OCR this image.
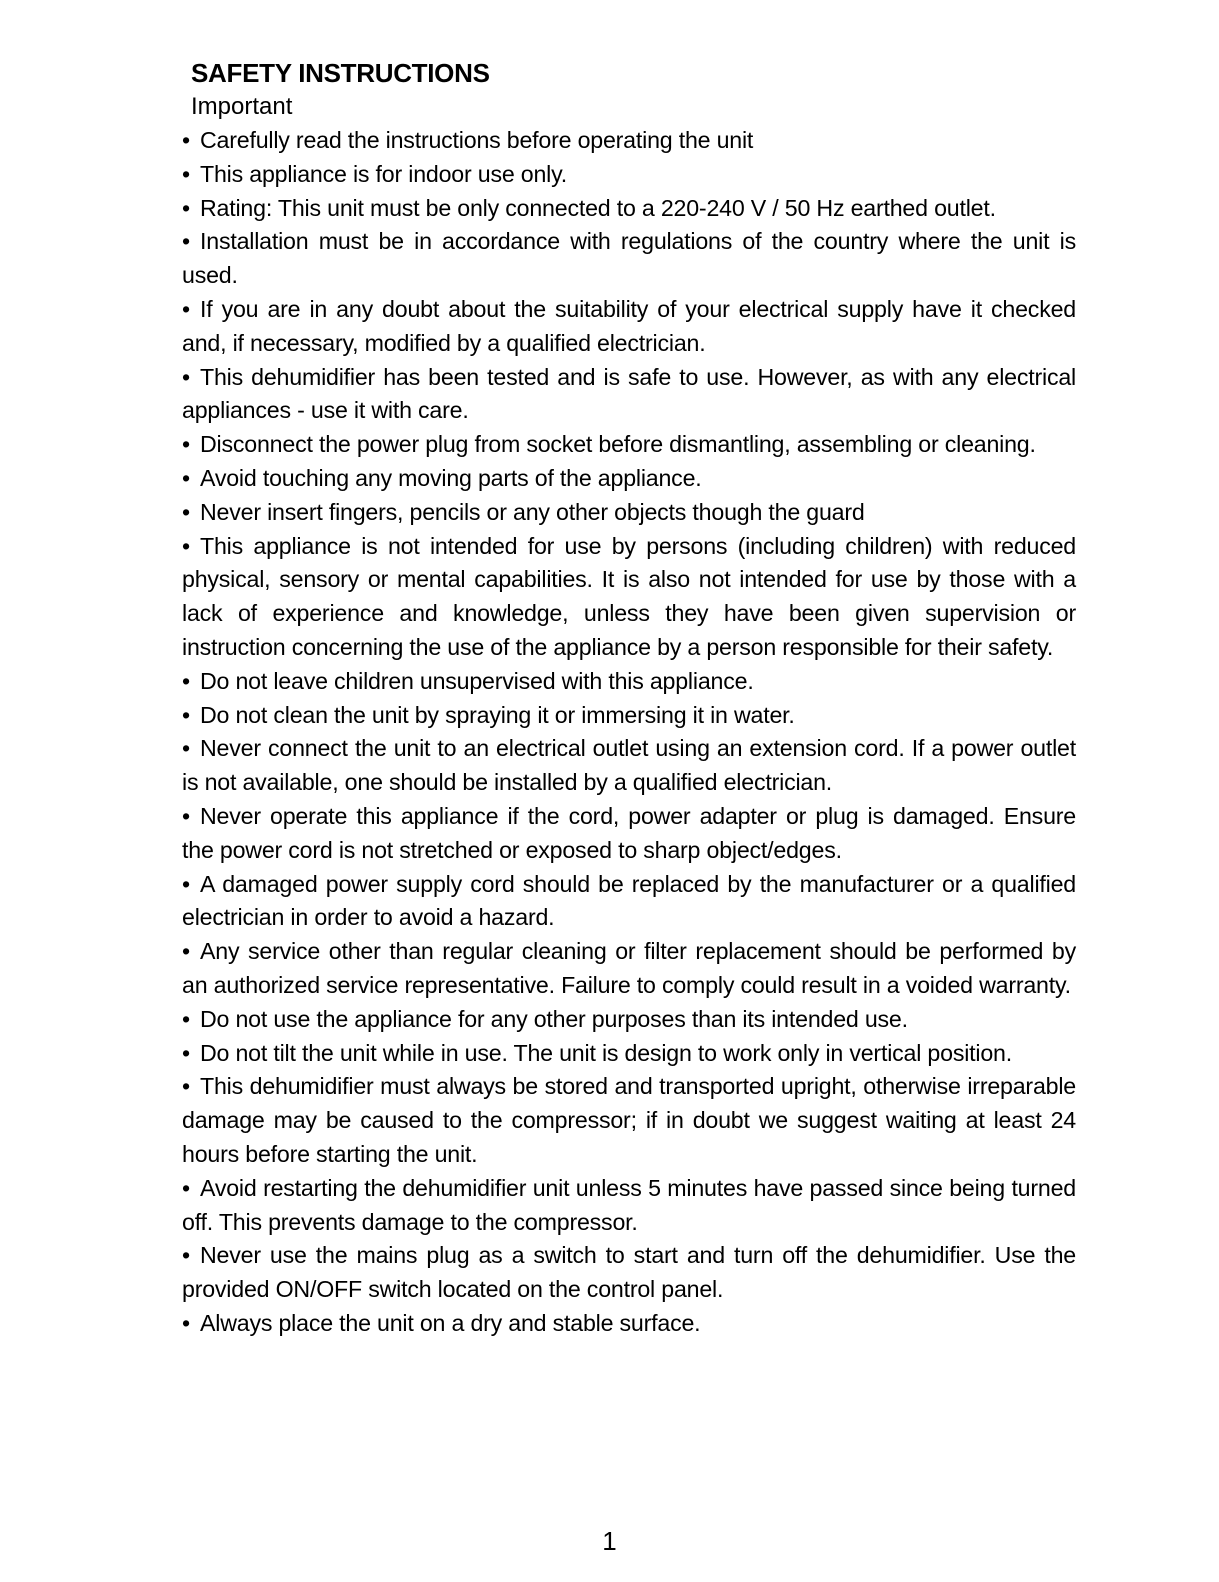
SAFETY INSTRUCTIONS
Important
• Carefully read the instructions before operating the unit
• This appliance is for indoor use only.
• Rating: This unit must be only connected to a 220-240 V / 50 Hz earthed outlet.
• Installation must be in accordance with regulations of the country where the unit is used.
• If you are in any doubt about the suitability of your electrical supply have it checked and, if necessary, modified by a qualified electrician.
• This dehumidifier has been tested and is safe to use. However, as with any electrical appliances - use it with care.
• Disconnect the power plug from socket before dismantling, assembling or cleaning.
• Avoid touching any moving parts of the appliance.
• Never insert fingers, pencils or any other objects though the guard
• This appliance is not intended for use by persons (including children) with reduced physical, sensory or mental capabilities. It is also not intended for use by those with a lack of experience and knowledge, unless they have been given supervision or instruction concerning the use of the appliance by a person responsible for their safety.
• Do not leave children unsupervised with this appliance.
• Do not clean the unit by spraying it or immersing it in water.
• Never connect the unit to an electrical outlet using an extension cord. If a power outlet is not available, one should be installed by a qualified electrician.
• Never operate this appliance if the cord, power adapter or plug is damaged. Ensure the power cord is not stretched or exposed to sharp object/edges.
• A damaged power supply cord should be replaced by the manufacturer or a qualified electrician in order to avoid a hazard.
• Any service other than regular cleaning or filter replacement should be performed by an authorized service representative. Failure to comply could result in a voided warranty.
• Do not use the appliance for any other purposes than its intended use.
• Do not tilt the unit while in use. The unit is design to work only in vertical position.
• This dehumidifier must always be stored and transported upright, otherwise irreparable damage may be caused to the compressor; if in doubt we suggest waiting at least 24 hours before starting the unit.
• Avoid restarting the dehumidifier unit unless 5 minutes have passed since being turned off. This prevents damage to the compressor.
• Never use the mains plug as a switch to start and turn off the dehumidifier. Use the provided ON/OFF switch located on the control panel.
• Always place the unit on a dry and stable surface.
1
